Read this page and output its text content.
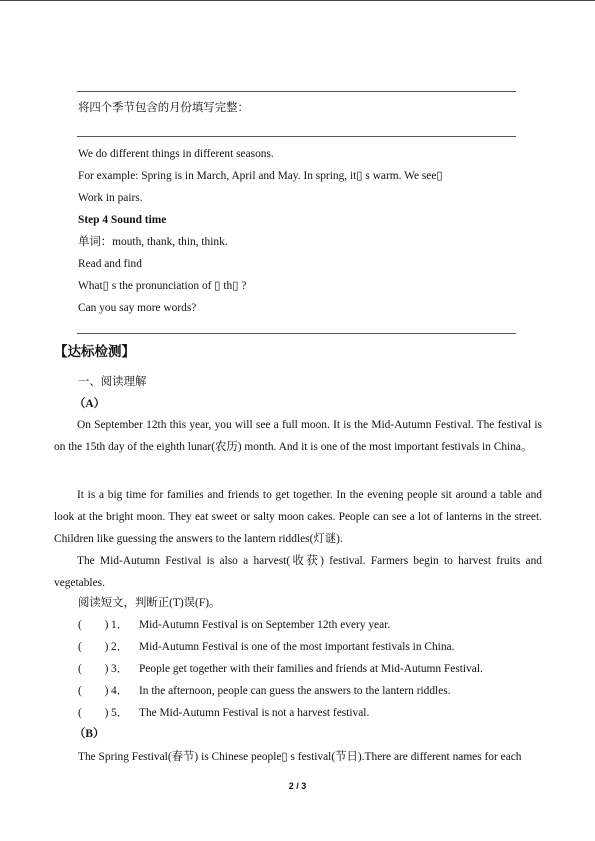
将四个季节包含的月份填写完整：
We do different things in different seasons.
For example: Spring is in March, April and May. In spring, it▯ s warm. We see▯
Work in pairs.
Step 4 Sound time
单词：mouth, thank, thin, think.
Read and find
What▯ s the pronunciation of ▯ th▯ ?
Can you say more words?
【达标检测】
一、阅读理解
（A）
On September 12th this year, you will see a full moon. It is the Mid-Autumn Festival. The festival is on the 15th day of the eighth lunar(农历) month. And it is one of the most important festivals in China。
It is a big time for families and friends to get together. In the evening people sit around a table and look at the bright moon. They eat sweet or salty moon cakes. People can see a lot of lanterns in the street. Children like guessing the answers to the lantern riddles(灯谜).
The Mid-Autumn Festival is also a harvest(收获) festival. Farmers begin to harvest fruits and vegetables.
阅读短文，判断正(T)误(F)。
(　　) 1． Mid-Autumn Festival is on September 12th every year.
(　　) 2． Mid-Autumn Festival is one of the most important festivals in China.
(　　) 3． People get together with their families and friends at Mid-Autumn Festival.
(　　) 4． In the afternoon, people can guess the answers to the lantern riddles.
(　　) 5． The Mid-Autumn Festival is not a harvest festival.
（B）
The Spring Festival(春节) is Chinese people▯ s festival(节日).There are different names for each
2 / 3
